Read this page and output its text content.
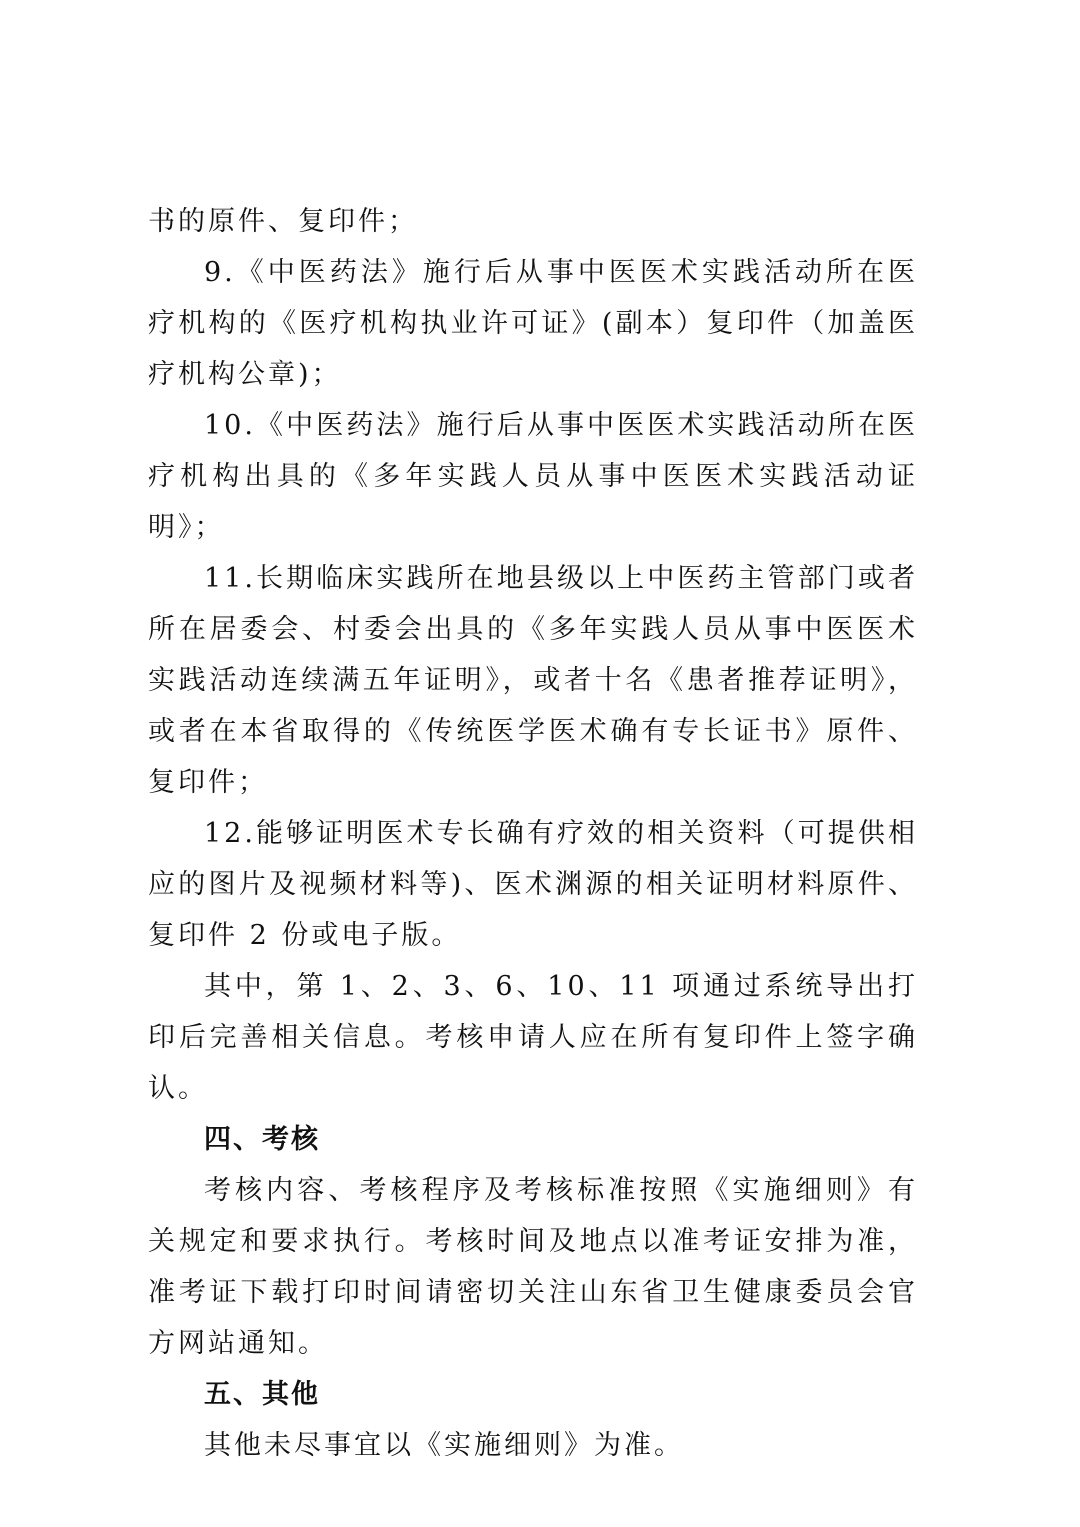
书的原件、复印件；

9.《中医药法》施行后从事中医医术实践活动所在医疗机构的《医疗机构执业许可证》(副本）复印件（加盖医疗机构公章)；

10.《中医药法》施行后从事中医医术实践活动所在医疗机构出具的《多年实践人员从事中医医术实践活动证明》；

11.长期临床实践所在地县级以上中医药主管部门或者所在居委会、村委会出具的《多年实践人员从事中医医术实践活动连续满五年证明》，或者十名《患者推荐证明》，或者在本省取得的《传统医学医术确有专长证书》原件、复印件；

12.能够证明医术专长确有疗效的相关资料（可提供相应的图片及视频材料等)、医术渊源的相关证明材料原件、复印件 2 份或电子版。

其中，第 1、2、3、6、10、11 项通过系统导出打印后完善相关信息。考核申请人应在所有复印件上签字确认。

四、考核

考核内容、考核程序及考核标准按照《实施细则》有关规定和要求执行。考核时间及地点以准考证安排为准，准考证下载打印时间请密切关注山东省卫生健康委员会官方网站通知。

五、其他

其他未尽事宜以《实施细则》为准。
